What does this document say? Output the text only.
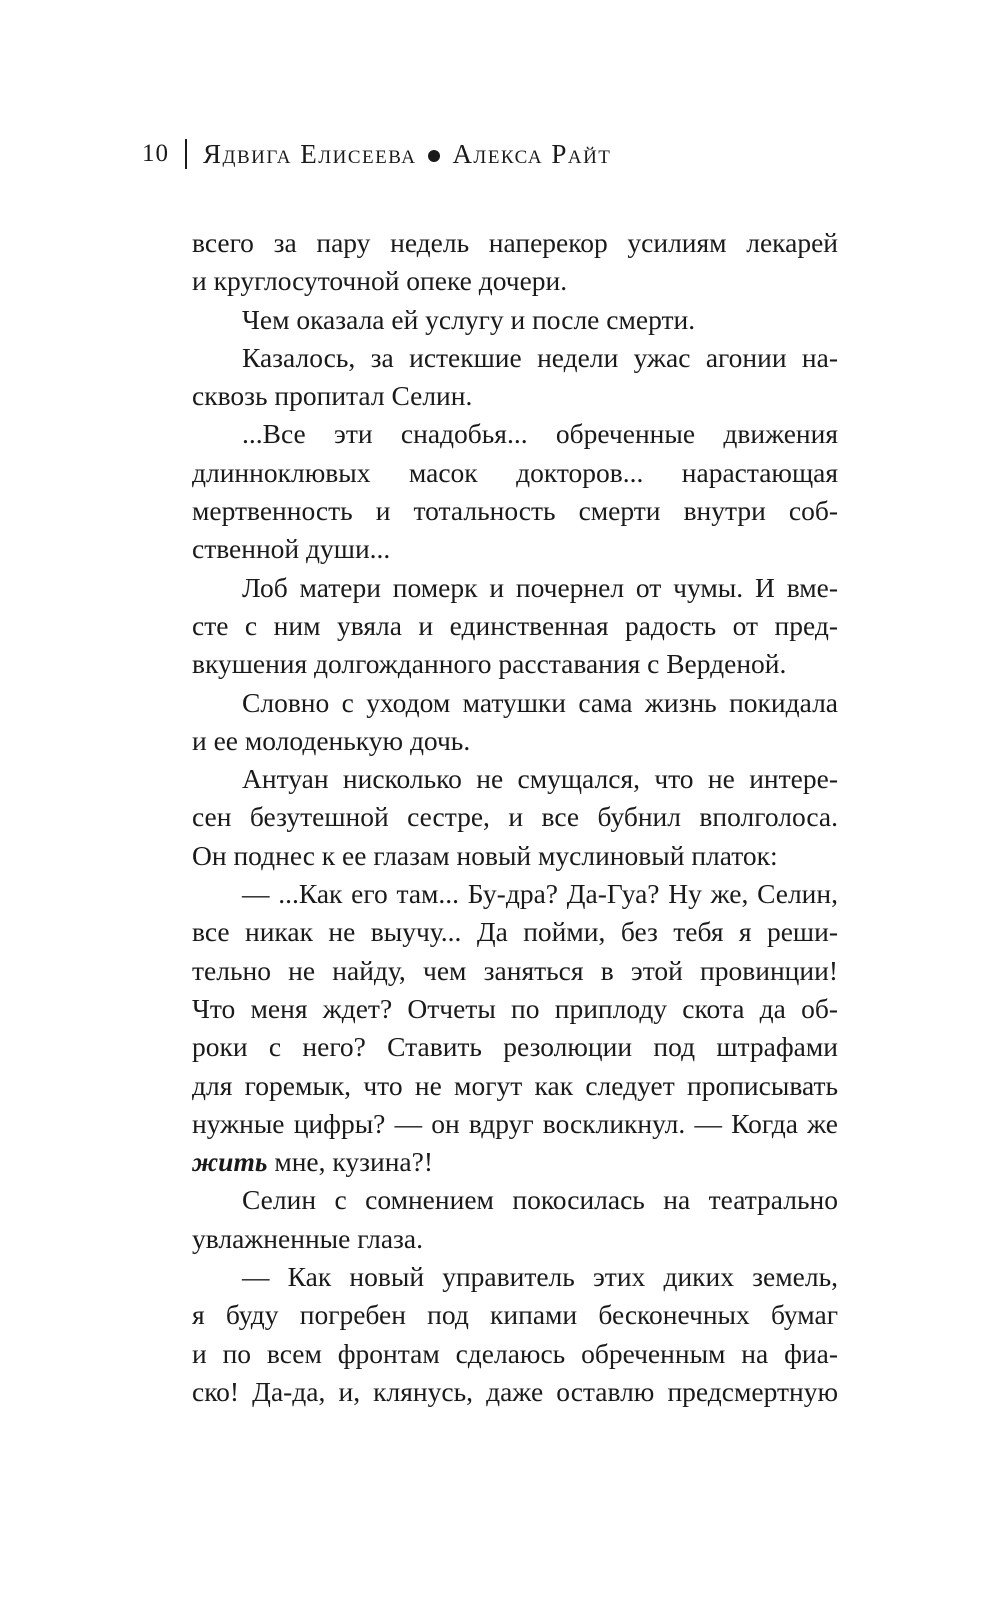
10 Ядвига Елисеева Алекса Райт
всего за пару недель наперекор усилиям лекарей
и круглосуточной опеке дочери.
Чем оказала ей услугу и после смерти.
Казалось, за истекшие недели ужас агонии на-
сквозь пропитал Селин.
...Все эти снадобья... обреченные движения
длинноклювых масок докторов... нарастающая
мертвенность и тотальность смерти внутри соб-
ственной души...
Лоб матери померк и почернел от чумы. И вме-
сте с ним увяла и единственная радость от пред-
вкушения долгожданного расставания с Верденой.
Словно с уходом матушки сама жизнь покидала
и ее молоденькую дочь.
Антуан нисколько не смущался, что не интере-
сен безутешной сестре, и все бубнил вполголоса.
Он поднес к ее глазам новый муслиновый платок:
— ...Как его там... Бу-дра? Да-Гуа? Ну же, Селин,
все никак не выучу... Да пойми, без тебя я реши-
тельно не найду, чем заняться в этой провинции!
Что меня ждет? Отчеты по приплоду скота да об-
роки с него? Ставить резолюции под штрафами
для горемык, что не могут как следует прописывать
нужные цифры? — он вдруг воскликнул. — Когда же
жить мне, кузина?!
Селин с сомнением покосилась на театрально
увлажненные глаза.
— Как новый управитель этих диких земель,
я буду погребен под кипами бесконечных бумаг
и по всем фронтам сделаюсь обреченным на фиа-
ско! Да-да, и, клянусь, даже оставлю предсмертную
